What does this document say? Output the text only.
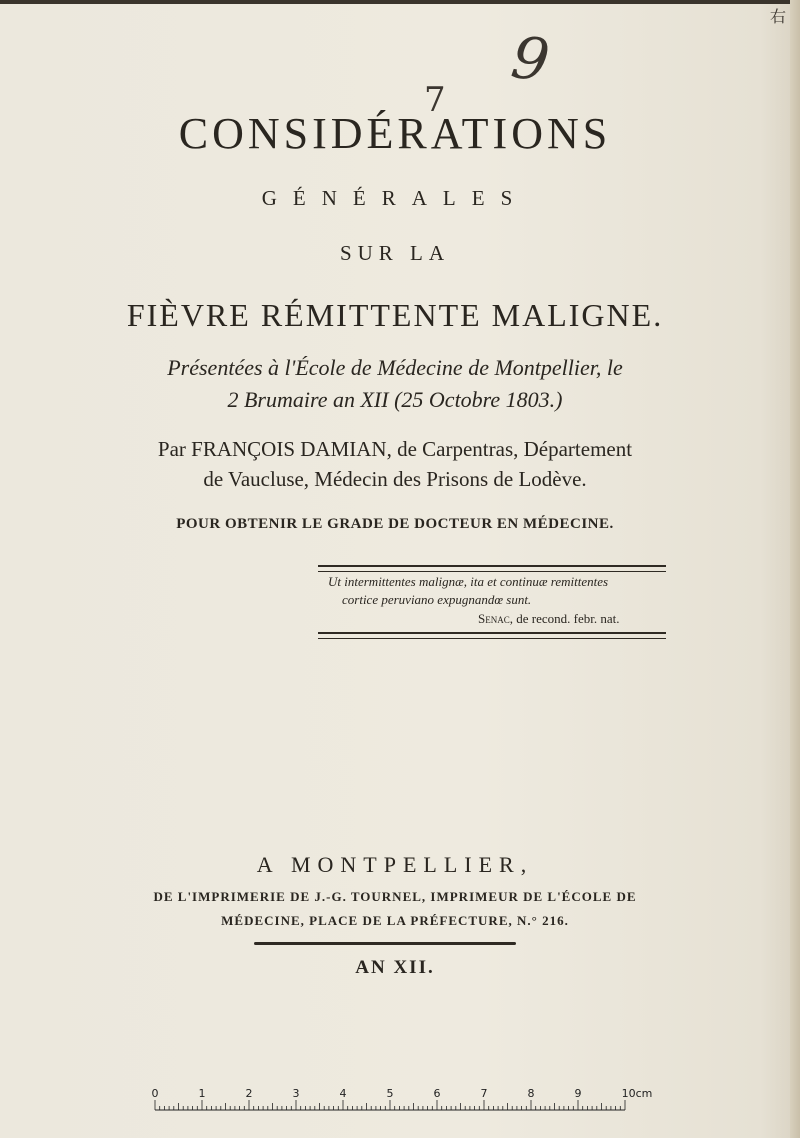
右
9
7
CONSIDÉRATIONS
GÉNÉRALES
SUR LA
FIÈVRE RÉMITTENTE MALIGNE.
Présentées à l'École de Médecine de Montpellier, le
2 Brumaire an XII (25 Octobre 1803.)
Par FRANÇOIS DAMIAN, de Carpentras, Département
de Vaucluse, Médecin des Prisons de Lodève.
POUR OBTENIR LE GRADE DE DOCTEUR EN MÉDECINE.
Ut intermittentes malignæ, ita et continuæ remittentes
cortice peruviano expugnandœ sunt.
Senac, de recond. febr. nat.
A MONTPELLIER,
DE L'IMPRIMERIE DE J.-G. TOURNEL, IMPRIMEUR DE L'ÉCOLE DE
MÉDECINE, PLACE DE LA PRÉFECTURE, N.° 216.
AN XII.
0	1	2	3	4	5	6	7	8	9	10cm
